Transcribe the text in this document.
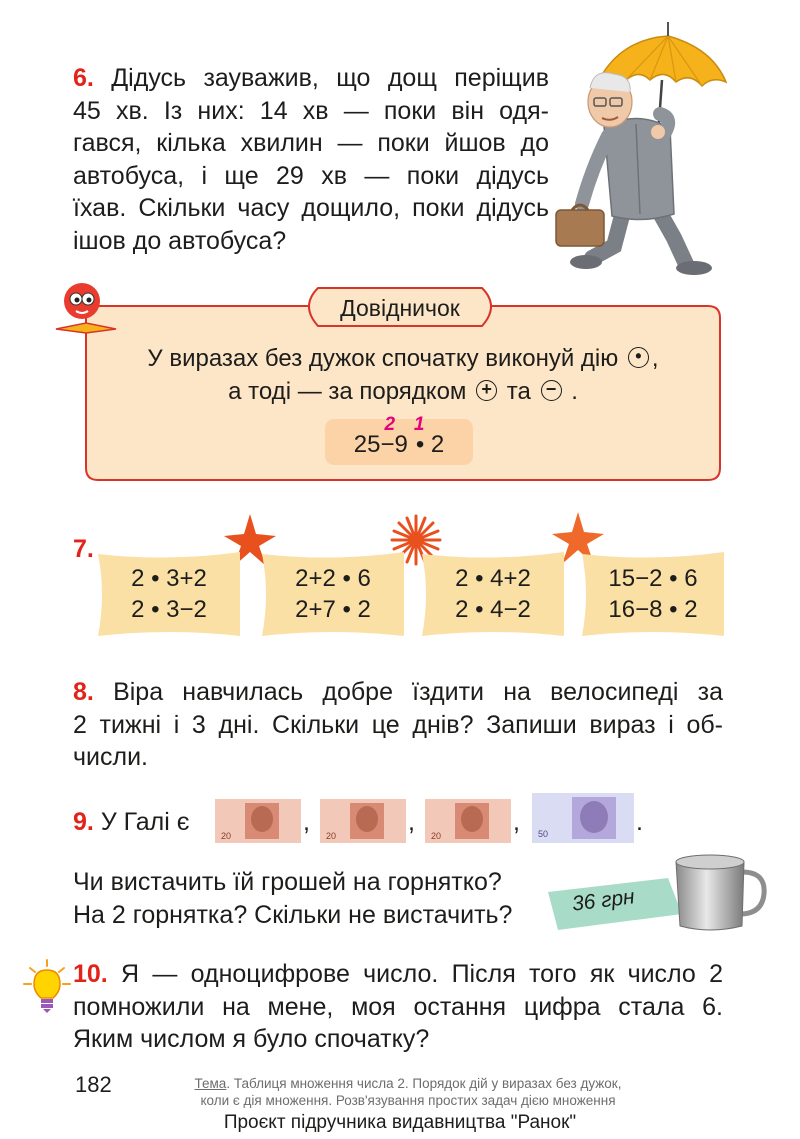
6. Дідусь зауважив, що дощ періщив
45 хв. Із них: 14 хв — поки він одя-
гався, кілька хвилин — поки йшов до
автобуса, і ще 29 хв — поки дідусь
їхав. Скільки часу дощило, поки дідусь
ішов до автобуса?
Довідничок
У виразах без дужок спочатку виконуй дію • ,
а тоді — за порядком + та − .
25
2
−9
1
• 2
7.
2 • 3+2
2 • 3−2
2+2 • 6
2+7 • 2
2 • 4+2
2 • 4−2
15−2 • 6
16−8 • 2
8. Віра навчилась добре їздити на велосипеді за
2 тижні і 3 дні. Скільки це днів? Запиши вираз і об-
числи.
9. У Галі є	20	, 20	, 20	, 50	.
Чи вистачить їй грошей на горнятко?
На 2 горнятка? Скільки не вистачить?	36 грн
10. Я — одноцифрове число. Після того як число 2
помножили на мене, моя остання цифра стала 6.
Яким числом я було спочатку?
182	Тема. Таблиця множення числа 2. Порядок дій у виразах без дужок,
коли є дія множення. Розв'язування простих задач дією множення
Проєкт підручника видавництва "Ранок"
